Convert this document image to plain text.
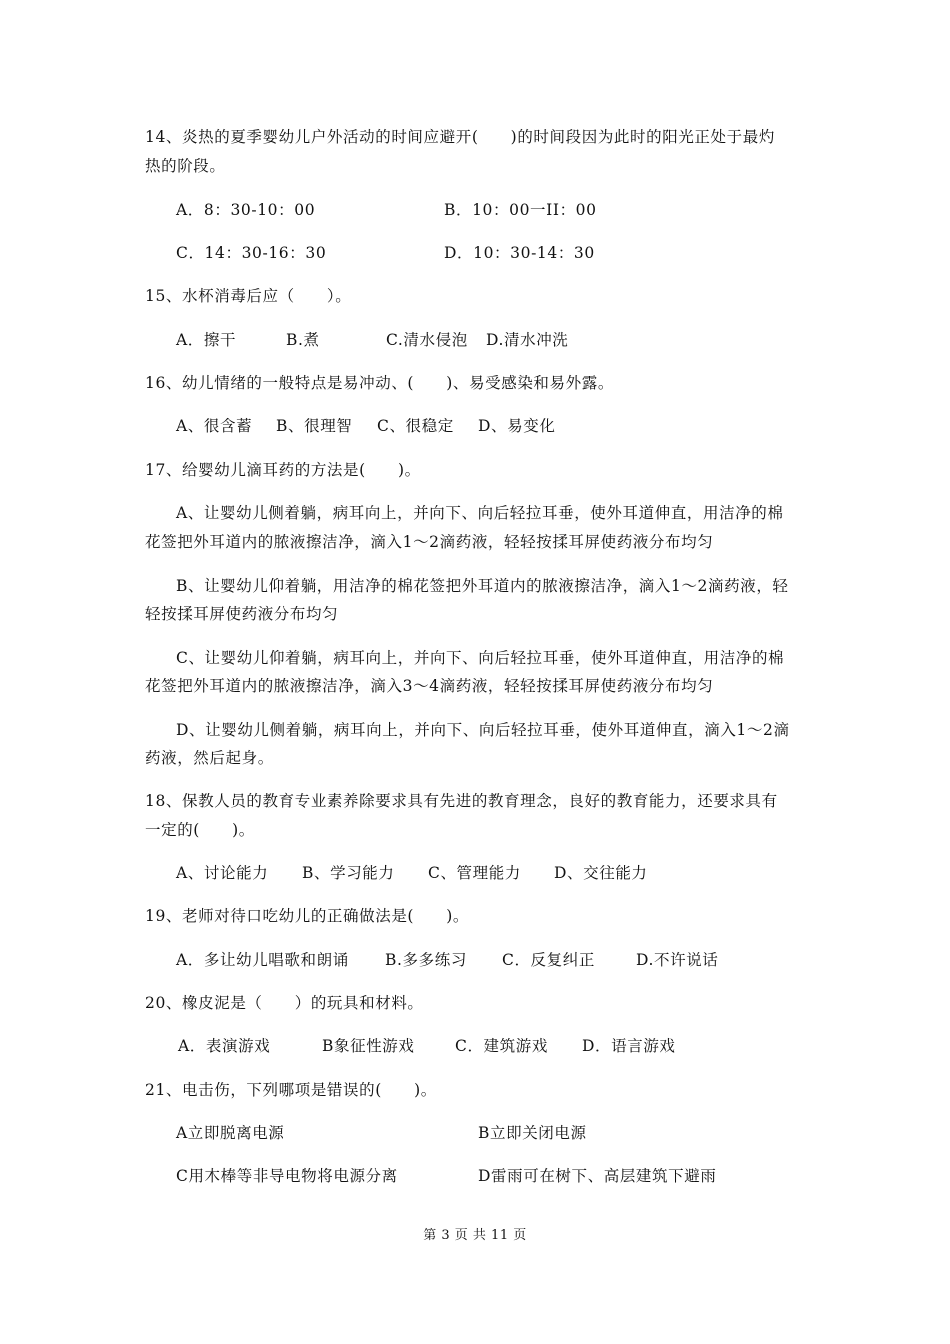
14、炎热的夏季婴幼儿户外活动的时间应避开(　　)的时间段因为此时的阳光正处于最灼
热的阶段。
A．8：30-10：00	B．10：00一II：00
C．14：30-16：30	D．10：30-14：30
15、水杯消毒后应（　　）。
A．擦干	B.煮	C.清水侵泡 D.清水冲洗
16、幼儿情绪的一般特点是易冲动、(　　)、易受感染和易外露。
A、很含蓄 B、很理智 C、很稳定 D、易变化
17、给婴幼儿滴耳药的方法是(　　)。
A、让婴幼儿侧着躺，病耳向上，并向下、向后轻拉耳垂，使外耳道伸直，用洁净的棉
花签把外耳道内的脓液擦洁净，滴入1～2滴药液，轻轻按揉耳屏使药液分布均匀
B、让婴幼儿仰着躺，用洁净的棉花签把外耳道内的脓液擦洁净，滴入1～2滴药液，轻
轻按揉耳屏使药液分布均匀
C、让婴幼儿仰着躺，病耳向上，并向下、向后轻拉耳垂，使外耳道伸直，用洁净的棉
花签把外耳道内的脓液擦洁净，滴入3～4滴药液，轻轻按揉耳屏使药液分布均匀
D、让婴幼儿侧着躺，病耳向上，并向下、向后轻拉耳垂，使外耳道伸直，滴入1～2滴
药液，然后起身。
18、保教人员的教育专业素养除要求具有先进的教育理念，良好的教育能力，还要求具有
一定的(　　)。
A、讨论能力 B、学习能力 C、管理能力 D、交往能力
19、老师对待口吃幼儿的正确做法是(　　)。
A．多让幼儿唱歌和朗诵 B.多多练习 C．反复纠正	D.不许说话
20、橡皮泥是（　　）的玩具和材料。
A．表演游戏	B象征性游戏	C．建筑游戏 D．语言游戏
21、电击伤，下列哪项是错误的(　　)。
A立即脱离电源	B立即关闭电源
C用木棒等非导电物将电源分离	D雷雨可在树下、高层建筑下避雨
第 3 页 共 11 页
